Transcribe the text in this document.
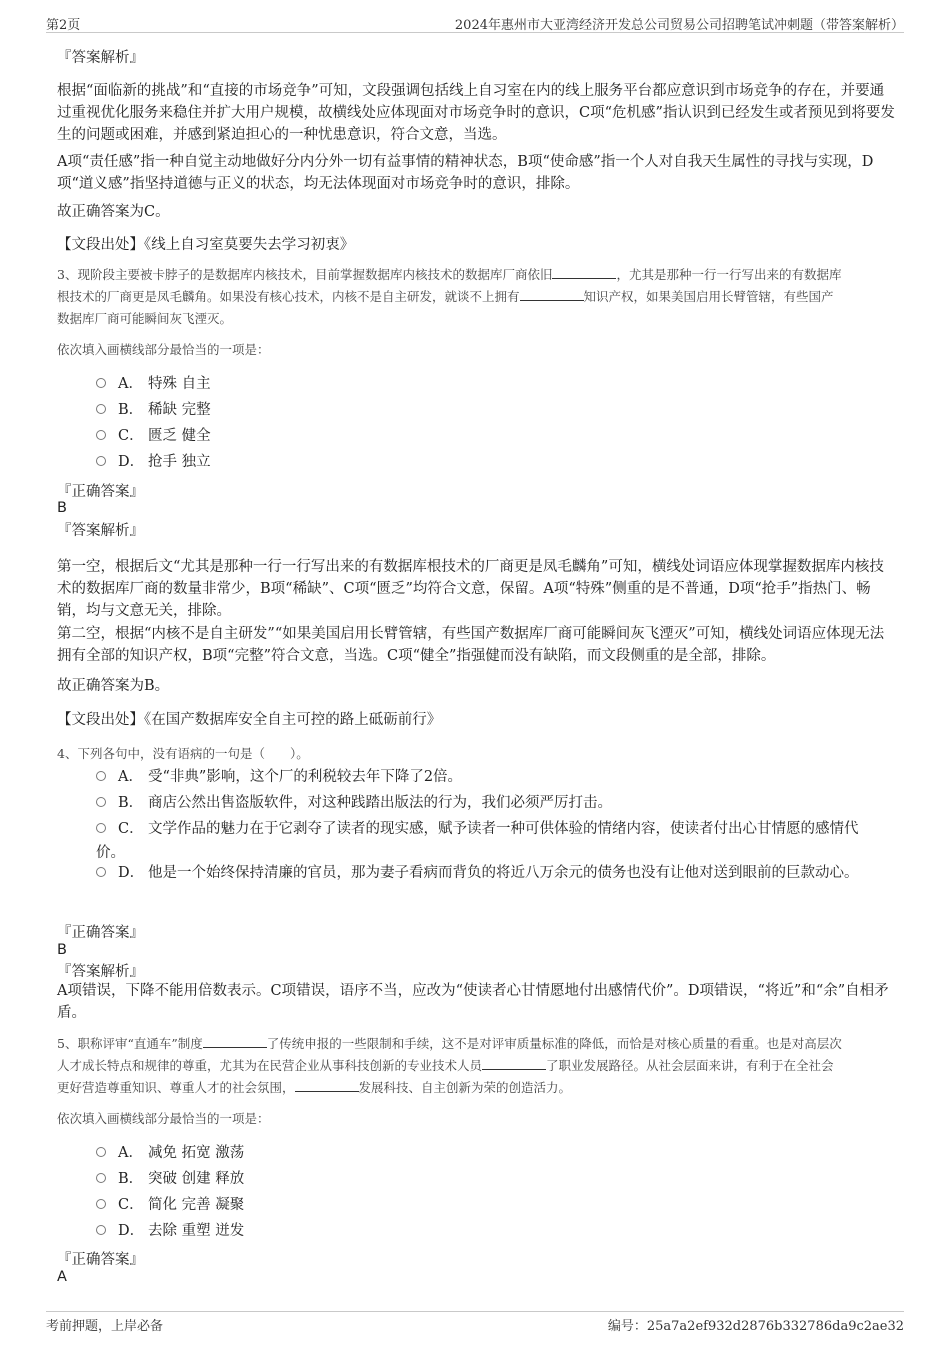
第2页	2024年惠州市大亚湾经济开发总公司贸易公司招聘笔试冲刺题（带答案解析）
『答案解析』
根据“面临新的挑战”和“直接的市场竞争”可知，文段强调包括线上自习室在内的线上服务平台都应意识到市场竞争的存在，并要通过重视优化服务来稳住并扩大用户规模，故横线处应体现面对市场竞争时的意识，C项“危机感”指认识到已经发生或者预见到将要发生的问题或困难，并感到紧迫担心的一种忧患意识，符合文意，当选。
A项“责任感”指一种自觉主动地做好分内分外一切有益事情的精神状态，B项“使命感”指一个人对自我天生属性的寻找与实现，D项“道义感”指坚持道德与正义的状态，均无法体现面对市场竞争时的意识，排除。
故正确答案为C。
【文段出处】《线上自习室莫要失去学习初衷》
3、现阶段主要被卡脖子的是数据库内核技术，目前掌握数据库内核技术的数据库厂商依旧	，尤其是那种一行一行写出来的有数据库
根技术的厂商更是凤毛麟角。如果没有核心技术，内核不是自主研发，就谈不上拥有	知识产权，如果美国启用长臂管辖，有些国产
数据库厂商可能瞬间灰飞湮灭。
依次填入画横线部分最恰当的一项是：
A． 特殊 自主
B． 稀缺 完整
C． 匮乏 健全
D． 抢手 独立
『正确答案』
B
『答案解析』
第一空，根据后文“尤其是那种一行一行写出来的有数据库根技术的厂商更是凤毛麟角”可知，横线处词语应体现掌握数据库内核技术的数据库厂商的数量非常少，B项“稀缺”、C项“匮乏”均符合文意，保留。A项“特殊”侧重的是不普通，D项“抢手”指热门、畅销，均与文意无关，排除。
第二空，根据“内核不是自主研发”“如果美国启用长臂管辖，有些国产数据库厂商可能瞬间灰飞湮灭”可知，横线处词语应体现无法拥有全部的知识产权，B项“完整”符合文意，当选。C项“健全”指强健而没有缺陷，而文段侧重的是全部，排除。
故正确答案为B。
【文段出处】《在国产数据库安全自主可控的路上砥砺前行》
4、下列各句中，没有语病的一句是（　　）。
A． 受“非典”影响，这个厂的利税较去年下降了2倍。
B． 商店公然出售盗版软件，对这种践踏出版法的行为，我们必须严厉打击。
C． 文学作品的魅力在于它剥夺了读者的现实感，赋予读者一种可供体验的情绪内容，使读者付出心甘情愿的感情代价。
D． 他是一个始终保持清廉的官员，那为妻子看病而背负的将近八万余元的债务也没有让他对送到眼前的巨款动心。
『正确答案』
B
『答案解析』
A项错误，下降不能用倍数表示。C项错误，语序不当，应改为“使读者心甘情愿地付出感情代价”。D项错误，“将近”和“余”自相矛盾。
5、职称评审“直通车”制度	了传统申报的一些限制和手续，这不是对评审质量标准的降低，而恰是对核心质量的看重。也是对高层次
人才成长特点和规律的尊重，尤其为在民营企业从事科技创新的专业技术人员	了职业发展路径。从社会层面来讲，有利于在全社会
更好营造尊重知识、尊重人才的社会氛围，	发展科技、自主创新为荣的创造活力。
依次填入画横线部分最恰当的一项是：
A． 减免 拓宽 激荡
B． 突破 创建 释放
C． 简化 完善 凝聚
D． 去除 重塑 迸发
『正确答案』
A
考前押题，上岸必备	编号：25a7a2ef932d2876b332786da9c2ae32
